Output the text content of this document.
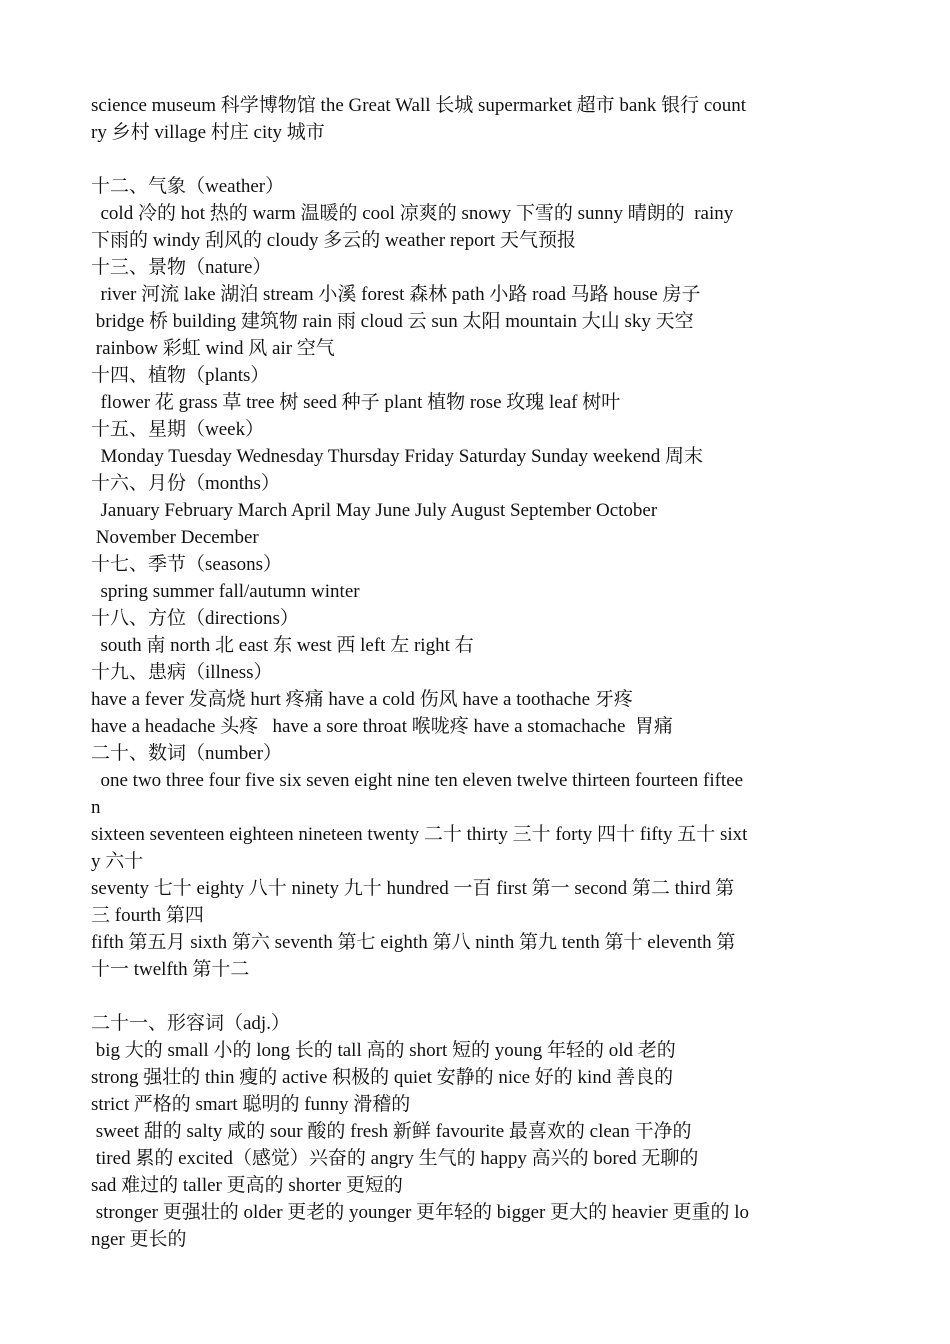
science museum 科学博物馆 the Great Wall 长城 supermarket 超市 bank 银行 count
ry 乡村 village 村庄 city 城市
十二、气象（weather）
cold 冷的 hot 热的 warm 温暖的 cool 凉爽的 snowy 下雪的 sunny 晴朗的  rainy
下雨的 windy 刮风的 cloudy 多云的 weather report 天气预报
十三、景物（nature）
river 河流 lake 湖泊 stream 小溪 forest 森林 path 小路 road 马路 house 房子
bridge 桥 building 建筑物 rain 雨 cloud 云 sun 太阳 mountain 大山 sky 天空
rainbow 彩虹 wind 风 air 空气
十四、植物（plants）
flower 花 grass 草 tree 树 seed 种子 plant 植物 rose 玫瑰 leaf 树叶
十五、星期（week）
Monday Tuesday Wednesday Thursday Friday Saturday Sunday weekend 周末
十六、月份（months）
January February March April May June July August September October
November December
十七、季节（seasons）
spring summer fall/autumn winter
十八、方位（directions）
south 南 north 北 east 东 west 西 left 左 right 右
十九、患病（illness）
have a fever 发高烧 hurt 疼痛 have a cold 伤风 have a toothache 牙疼
have a headache 头疼   have a sore throat 喉咙疼 have a stomachache  胃痛
二十、数词（number）
one two three four five six seven eight nine ten eleven twelve thirteen fourteen fiftee
n
sixteen seventeen eighteen nineteen twenty 二十 thirty 三十 forty 四十 fifty 五十 sixt
y 六十
seventy 七十 eighty 八十 ninety 九十 hundred 一百 first 第一 second 第二 third 第
三 fourth 第四
fifth 第五月 sixth 第六 seventh 第七 eighth 第八 ninth 第九 tenth 第十 eleventh 第
十一 twelfth 第十二
二十一、形容词（adj.）
big 大的 small 小的 long 长的 tall 高的 short 短的 young 年轻的 old 老的
strong 强壮的 thin 瘦的 active 积极的 quiet 安静的 nice 好的 kind 善良的
strict 严格的 smart 聪明的 funny 滑稽的
sweet 甜的 salty 咸的 sour 酸的 fresh 新鲜 favourite 最喜欢的 clean 干净的
tired 累的 excited（感觉）兴奋的 angry 生气的 happy 高兴的 bored 无聊的
sad 难过的 taller 更高的 shorter 更短的
stronger 更强壮的 older 更老的 younger 更年轻的 bigger 更大的 heavier 更重的 lo
nger 更长的
